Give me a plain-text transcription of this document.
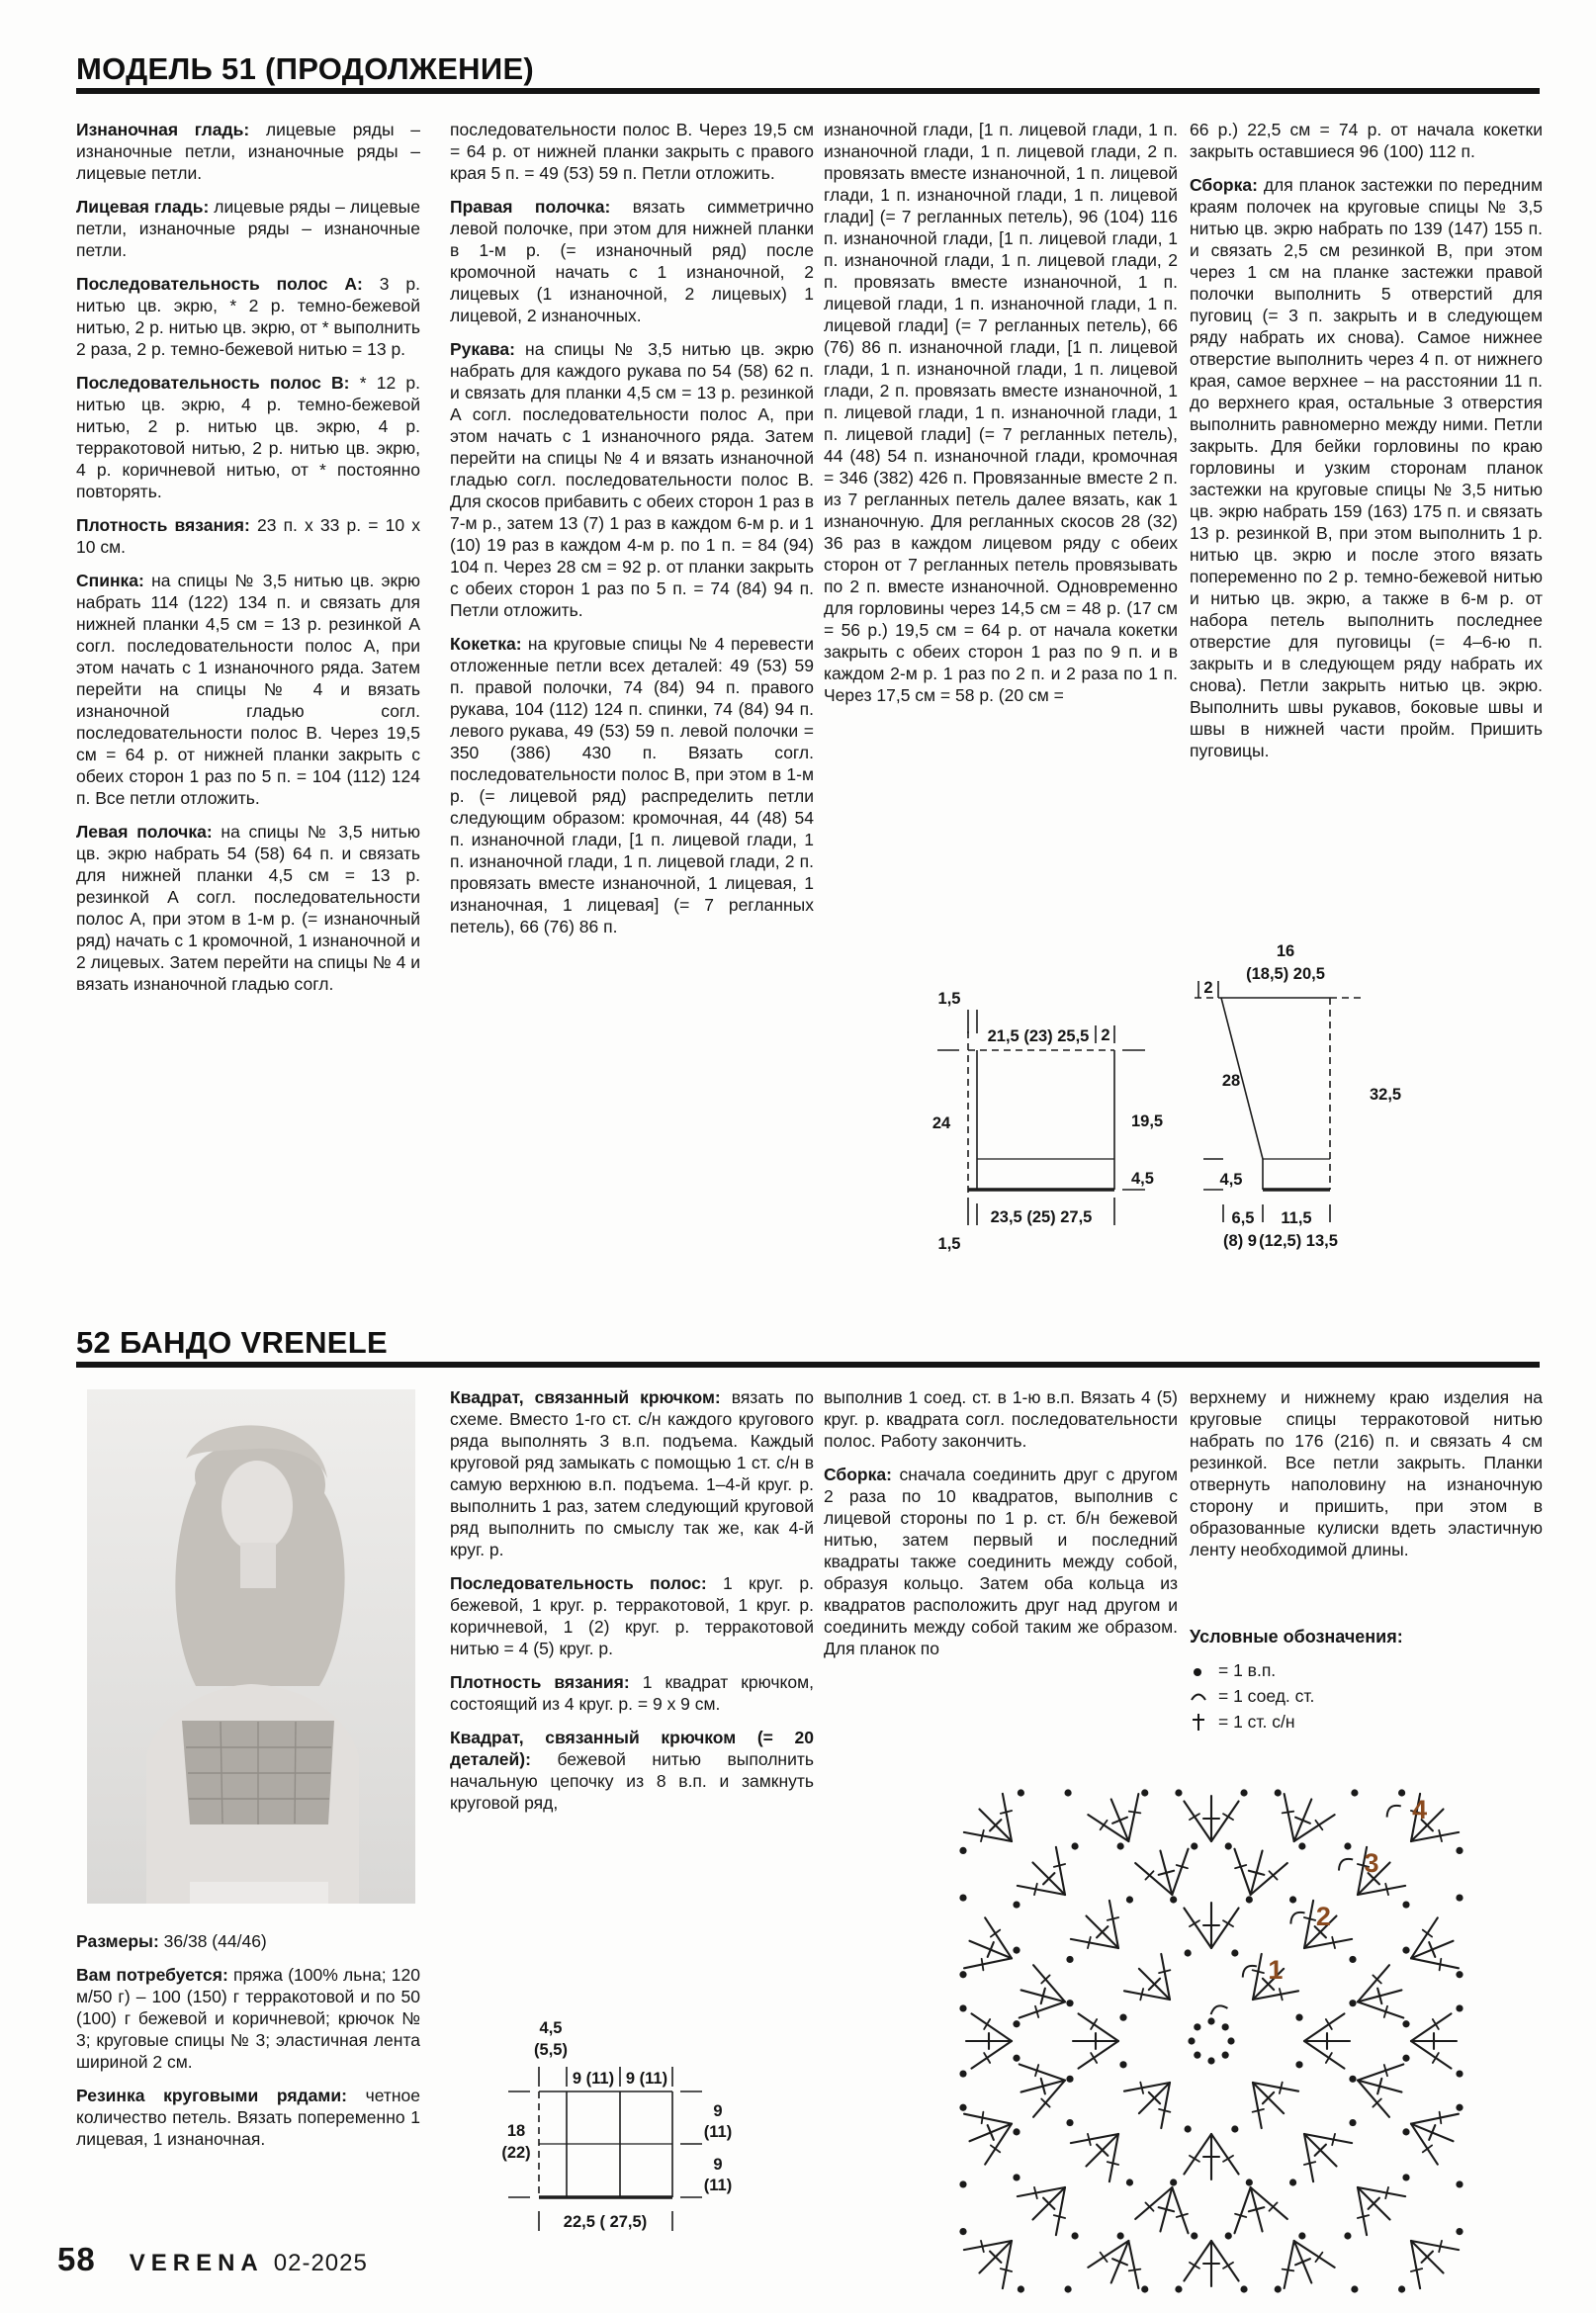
МОДЕЛЬ 51 (ПРОДОЛЖЕНИЕ)

Изнаночная гладь: лицевые ряды – изнаночные петли, изнаночные ряды – лицевые петли.

Лицевая гладь: лицевые ряды – лицевые петли, изнаночные ряды – изнаночные петли.

Последовательность полос А: 3 р. нитью цв. экрю, * 2 р. темно-бежевой нитью, 2 р. нитью цв. экрю, от * выполнить 2 раза, 2 р. темно-бежевой нитью = 13 р.

Последовательность полос В: * 12 р. нитью цв. экрю, 4 р. темно-бежевой нитью, 2 р. нитью цв. экрю, 4 р. терракотовой нитью, 2 р. нитью цв. экрю, 4 р. коричневой нитью, от * постоянно повторять.

Плотность вязания: 23 п. x 33 р. = 10 x 10 см.

Спинка: на спицы № 3,5 нитью цв. экрю набрать 114 (122) 134 п. и связать для нижней планки 4,5 см = 13 р. резинкой А согл. последовательности полос А, при этом начать с 1 изнаночного ряда. Затем перейти на спицы № 4 и вязать изнаночной гладью согл. последовательности полос В. Через 19,5 см = 64 р. от нижней планки закрыть с обеих сторон 1 раз по 5 п. = 104 (112) 124 п. Все петли отложить.

Левая полочка: на спицы № 3,5 нитью цв. экрю набрать 54 (58) 64 п. и связать для нижней планки 4,5 см = 13 р. резинкой А согл. последовательности полос А, при этом в 1-м р. (= изнаночный ряд) начать с 1 кромочной, 1 изнаночной и 2 лицевых. Затем перейти на спицы № 4 и вязать изнаночной гладью согл.

последовательности полос В. Через 19,5 см = 64 р. от нижней планки закрыть с правого края 5 п. = 49 (53) 59 п. Петли отложить.

Правая полочка: вязать симметрично левой полочке, при этом для нижней планки в 1-м р. (= изнаночный ряд) после кромочной начать с 1 изнаночной, 2 лицевых (1 изнаночной, 2 лицевых) 1 лицевой, 2 изнаночных.

Рукава: на спицы № 3,5 нитью цв. экрю набрать для каждого рукава по 54 (58) 62 п. и связать для планки 4,5 см = 13 р. резинкой А согл. последовательности полос А, при этом начать с 1 изнаночного ряда. Затем перейти на спицы № 4 и вязать изнаночной гладью согл. последовательности полос В. Для скосов прибавить с обеих сторон 1 раз в 7-м р., затем 13 (7) 1 раз в каждом 6-м р. и 1 (10) 19 раз в каждом 4-м р. по 1 п. = 84 (94) 104 п. Через 28 см = 92 р. от планки закрыть с обеих сторон 1 раз по 5 п. = 74 (84) 94 п. Петли отложить.

Кокетка: на круговые спицы № 4 перевести отложенные петли всех деталей: 49 (53) 59 п. правой полочки, 74 (84) 94 п. правого рукава, 104 (112) 124 п. спинки, 74 (84) 94 п. левого рукава, 49 (53) 59 п. левой полочки = 350 (386) 430 п. Вязать согл. последовательности полос В, при этом в 1-м р. (= лицевой ряд) распределить петли следующим образом: кромочная, 44 (48) 54 п. изнаночной глади, [1 п. лицевой глади, 1 п. изнаночной глади, 1 п. лицевой глади, 2 п. провязать вместе изнаночной, 1 лицевая, 1 изнаночная, 1 лицевая] (= 7 регланных петель), 66 (76) 86 п.

изнаночной глади, [1 п. лицевой глади, 1 п. изнаночной глади, 1 п. лицевой глади, 2 п. провязать вместе изнаночной, 1 п. лицевой глади, 1 п. изнаночной глади, 1 п. лицевой глади] (= 7 регланных петель), 96 (104) 116 п. изнаночной глади, [1 п. лицевой глади, 1 п. изнаночной глади, 1 п. лицевой глади, 2 п. провязать вместе изнаночной, 1 п. лицевой глади, 1 п. изнаночной глади, 1 п. лицевой глади] (= 7 регланных петель), 66 (76) 86 п. изнаночной глади, [1 п. лицевой глади, 1 п. изнаночной глади, 1 п. лицевой глади, 2 п. провязать вместе изнаночной, 1 п. лицевой глади, 1 п. изнаночной глади, 1 п. лицевой глади] (= 7 регланных петель), 44 (48) 54 п. изнаночной глади, кромочная = 346 (382) 426 п. Провязанные вместе 2 п. из 7 регланных петель далее вязать, как 1 изнаночную. Для регланных скосов 28 (32) 36 раз в каждом лицевом ряду с обеих сторон от 7 регланных петель провязывать по 2 п. вместе изнаночной. Одновременно для горловины через 14,5 см = 48 р. (17 см = 56 р.) 19,5 см = 64 р. от начала кокетки закрыть с обеих сторон 1 раз по 9 п. и в каждом 2-м р. 1 раз по 2 п. и 2 раза по 1 п. Через 17,5 см = 58 р. (20 см =

66 р.) 22,5 см = 74 р. от начала кокетки закрыть оставшиеся 96 (100) 112 п.

Сборка: для планок застежки по передним краям полочек на круговые спицы № 3,5 нитью цв. экрю набрать по 139 (147) 155 п. и связать 2,5 см резинкой В, при этом через 1 см на планке застежки правой полочки выполнить 5 отверстий для пуговиц (= 3 п. закрыть и в следующем ряду набрать их снова). Самое нижнее отверстие выполнить через 4 п. от нижнего края, самое верхнее – на расстоянии 11 п. до верхнего края, остальные 3 отверстия выполнить равномерно между ними. Петли закрыть. Для бейки горловины по краю горловины и узким сторонам планок застежки на круговые спицы № 3,5 нитью цв. экрю набрать 159 (163) 175 п. и связать 13 р. резинкой В, при этом выполнить 1 р. нитью цв. экрю и после этого вязать попеременно по 2 р. темно-бежевой нитью и нитью цв. экрю, а также в 6-м р. от набора петель выполнить последнее отверстие для пуговицы (= 4–6-ю п. закрыть и в следующем ряду набрать их снова). Петли закрыть нитью цв. экрю. Выполнить швы рукавов, боковые швы и швы в нижней части пройм. Пришить пуговицы.

1,5
21,5 (23) 25,5 2
24	19,5
4,5
23,5 (25) 27,5
1,5
2
16
(18,5) 20,5
28
32,5
4,5
6,5 11,5
(8) 9 (12,5) 13,5
52 БАНДО VRENELE

Размеры: 36/38 (44/46)

Вам потребуется: пряжа (100% льна; 120 м/50 г) – 100 (150) г терракотовой и по 50 (100) г бежевой и коричневой; крючок № 3; круговые спицы № 3; эластичная лента шириной 2 см.

Резинка круговыми рядами: четное количество петель. Вязать попеременно 1 лицевая, 1 изнаночная.

Квадрат, связанный крючком: вязать по схеме. Вместо 1-го ст. с/н каждого кругового ряда выполнять 3 в.п. подъема. Каждый круговой ряд замыкать с помощью 1 ст. с/н в самую верхнюю в.п. подъема. 1–4-й круг. р. выполнить 1 раз, затем следующий круговой ряд выполнить по смыслу так же, как 4-й круг. р.

Последовательность полос: 1 круг. р. бежевой, 1 круг. р. терракотовой, 1 круг. р. коричневой, 1 (2) круг. р. терракотовой нитью = 4 (5) круг. р.

Плотность вязания: 1 квадрат крючком, состоящий из 4 круг. р. = 9 x 9 см.

Квадрат, связанный крючком (= 20 деталей): бежевой нитью выполнить начальную цепочку из 8 в.п. и замкнуть круговой ряд,

выполнив 1 соед. ст. в 1-ю в.п. Вязать 4 (5) круг. р. квадрата согл. последовательности полос. Работу закончить.

Сборка: сначала соединить друг с другом 2 раза по 10 квадратов, выполнив с лицевой стороны по 1 р. ст. б/н бежевой нитью, затем первый и последний квадраты также соединить между собой, образуя кольцо. Затем оба кольца из квадратов расположить друг над другом и соединить между собой таким же образом. Для планок по

верхнему и нижнему краю изделия на круговые спицы терракотовой нитью набрать по 176 (216) п. и связать 4 см резинкой. Все петли закрыть. Планки отвернуть наполовину на изнаночную сторону и пришить, при этом в образованные кулиски вдеть эластичную ленту необходимой длины.

Условные обозначения:
= 1 в.п.
= 1 соед. ст.
= 1 ст. с/н
4,5
(5,5)
9 (11) 9 (11)
18
(22)
9
(11)
9
(11)
22,5 ( 27,5)
1
2
3
4
58 VERENA 02-2025
